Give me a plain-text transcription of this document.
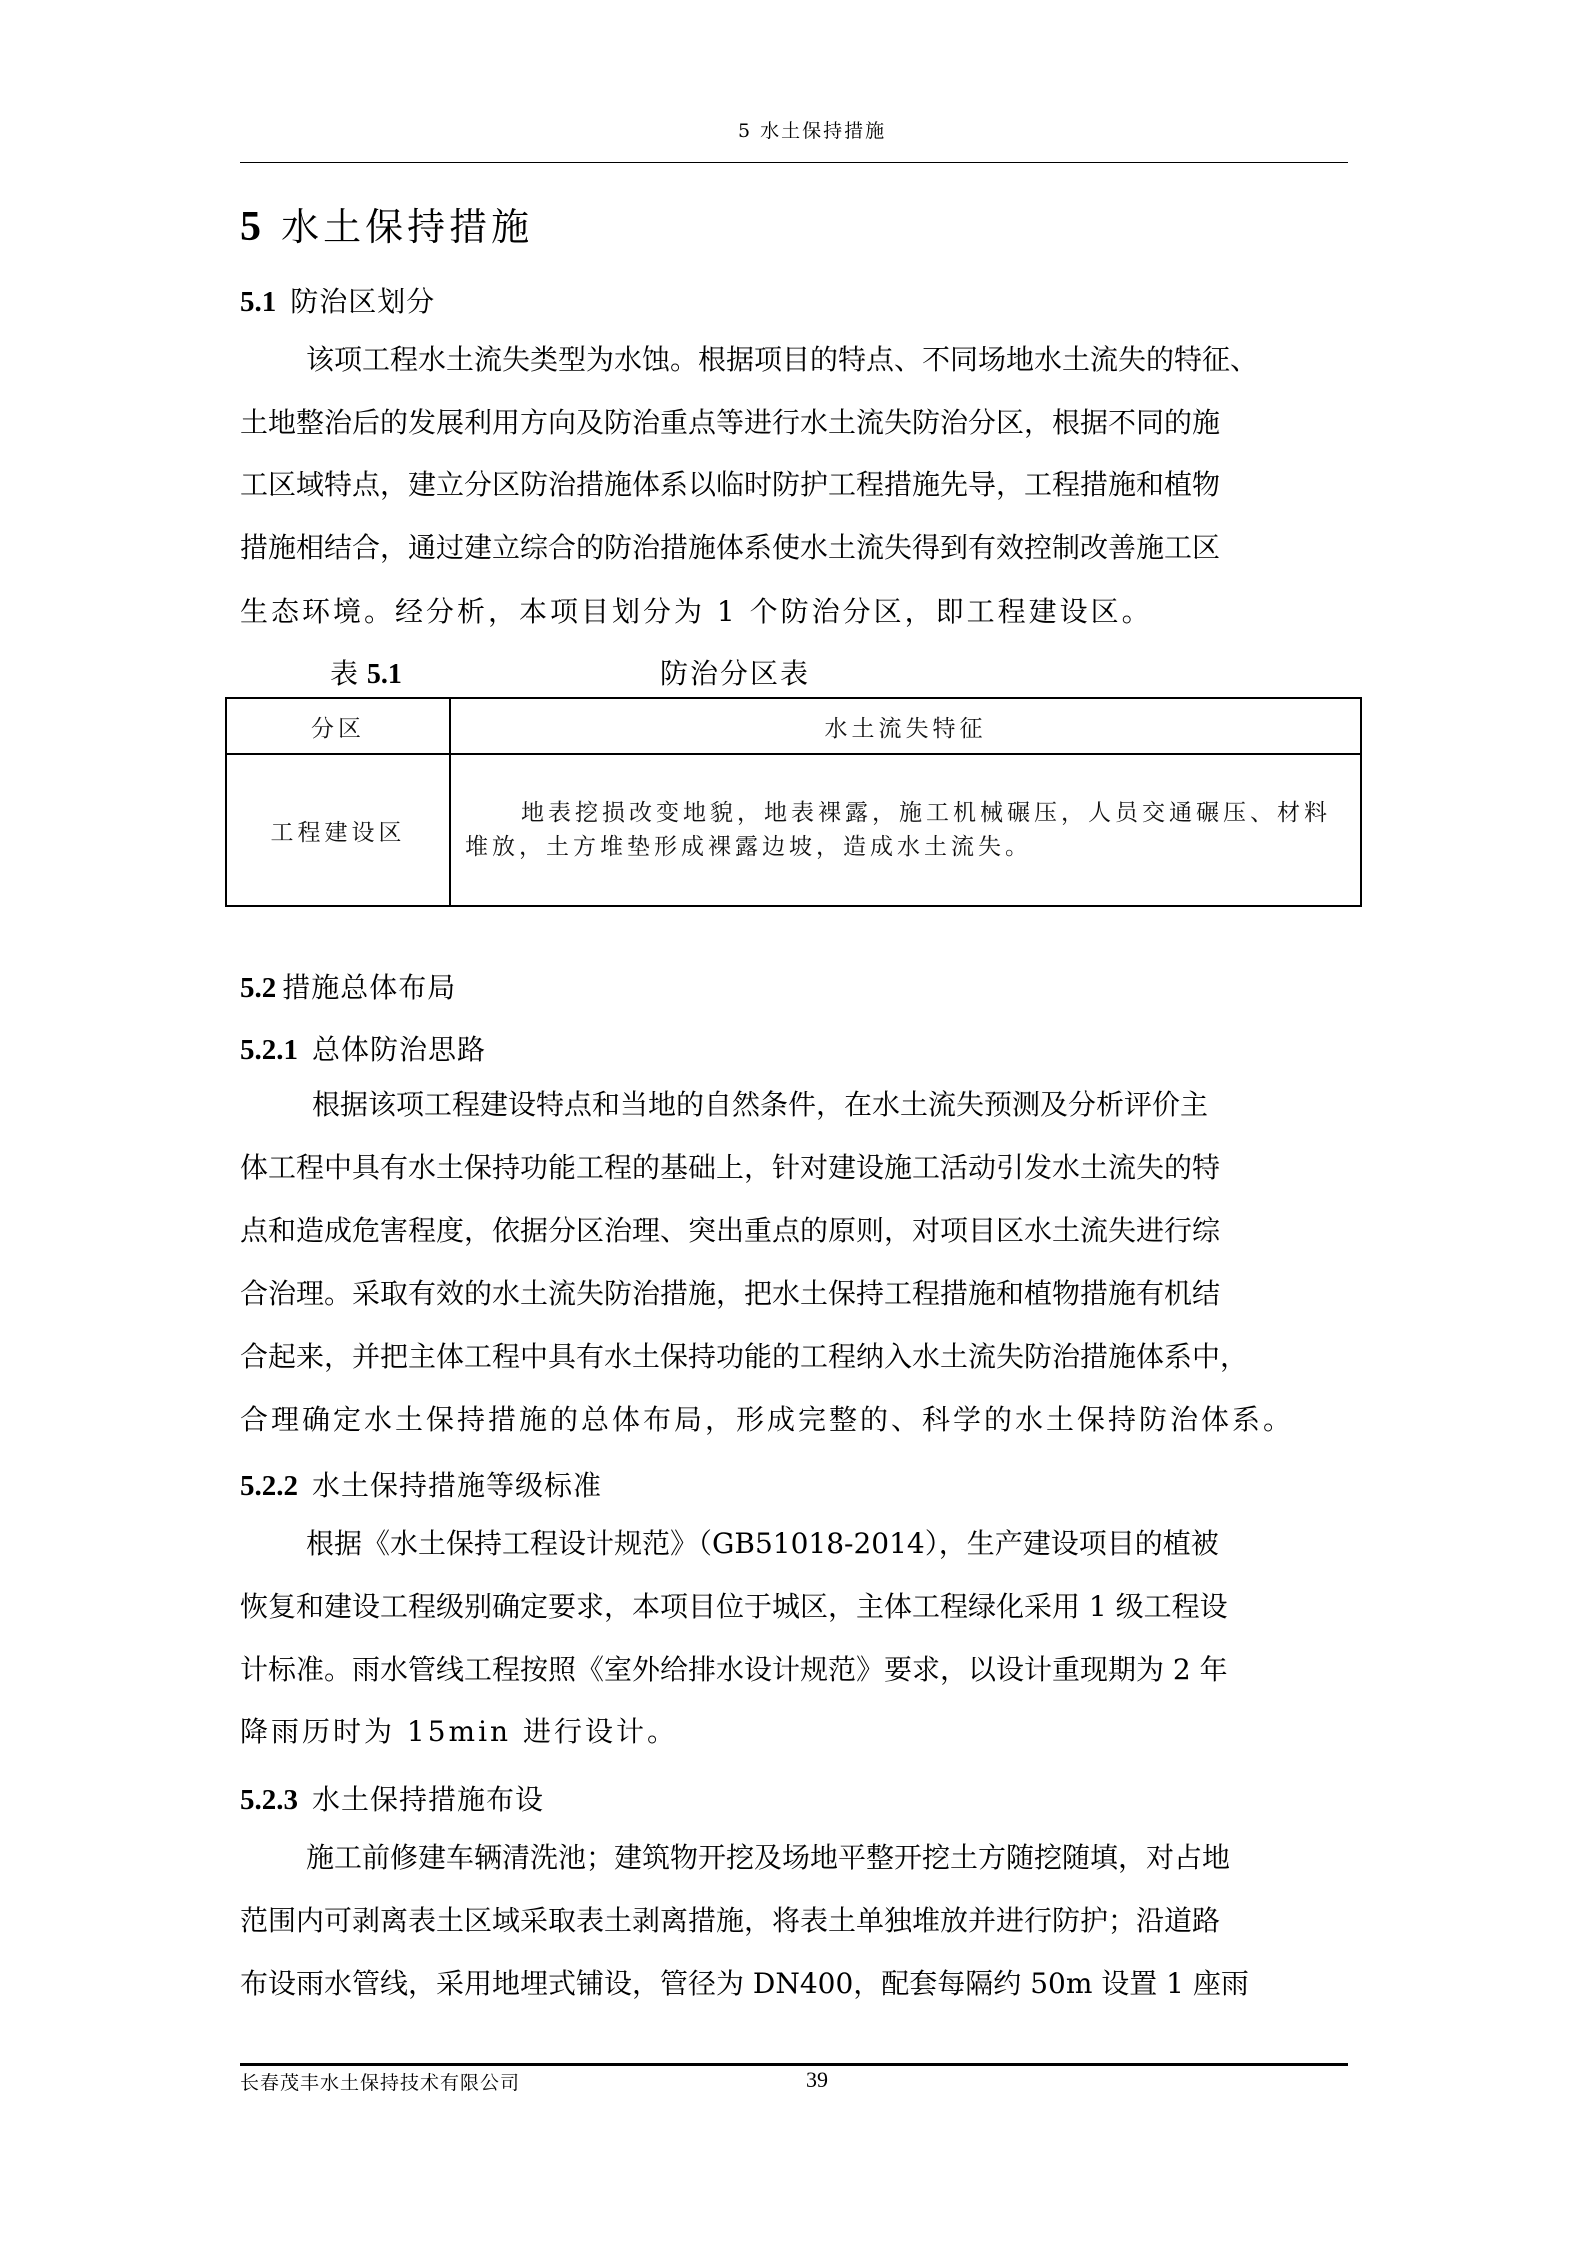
5 水土保持措施
5 水土保持措施
5.1 防治区划分
该项工程水土流失类型为水蚀。根据项目的特点、不同场地水土流失的特征、
土地整治后的发展利用方向及防治重点等进行水土流失防治分区，根据不同的施
工区域特点，建立分区防治措施体系以临时防护工程措施先导，工程措施和植物
措施相结合，通过建立综合的防治措施体系使水土流失得到有效控制改善施工区
生态环境。经分析，本项目划分为 1 个防治分区，即工程建设区。
表 5.1	防治分区表
分区	水土流失特征
工程建设区	地表挖损改变地貌，地表裸露，施工机械碾压，人员交通碾压、材料堆放，土方堆垫形成裸露边坡，造成水土流失。
5.2 措施总体布局
5.2.1 总体防治思路
根据该项工程建设特点和当地的自然条件，在水土流失预测及分析评价主
体工程中具有水土保持功能工程的基础上，针对建设施工活动引发水土流失的特
点和造成危害程度，依据分区治理、突出重点的原则，对项目区水土流失进行综
合治理。采取有效的水土流失防治措施，把水土保持工程措施和植物措施有机结
合起来，并把主体工程中具有水土保持功能的工程纳入水土流失防治措施体系中，
合理确定水土保持措施的总体布局，形成完整的、科学的水土保持防治体系。
5.2.2 水土保持措施等级标准
根据《水土保持工程设计规范》（GB51018-2014），生产建设项目的植被
恢复和建设工程级别确定要求，本项目位于城区，主体工程绿化采用 1 级工程设
计标准。雨水管线工程按照《室外给排水设计规范》要求，以设计重现期为 2 年
降雨历时为 15min 进行设计。
5.2.3 水土保持措施布设
施工前修建车辆清洗池；建筑物开挖及场地平整开挖土方随挖随填，对占地
范围内可剥离表土区域采取表土剥离措施，将表土单独堆放并进行防护；沿道路
布设雨水管线，采用地埋式铺设，管径为 DN400，配套每隔约 50m 设置 1 座雨
长春茂丰水土保持技术有限公司	39
